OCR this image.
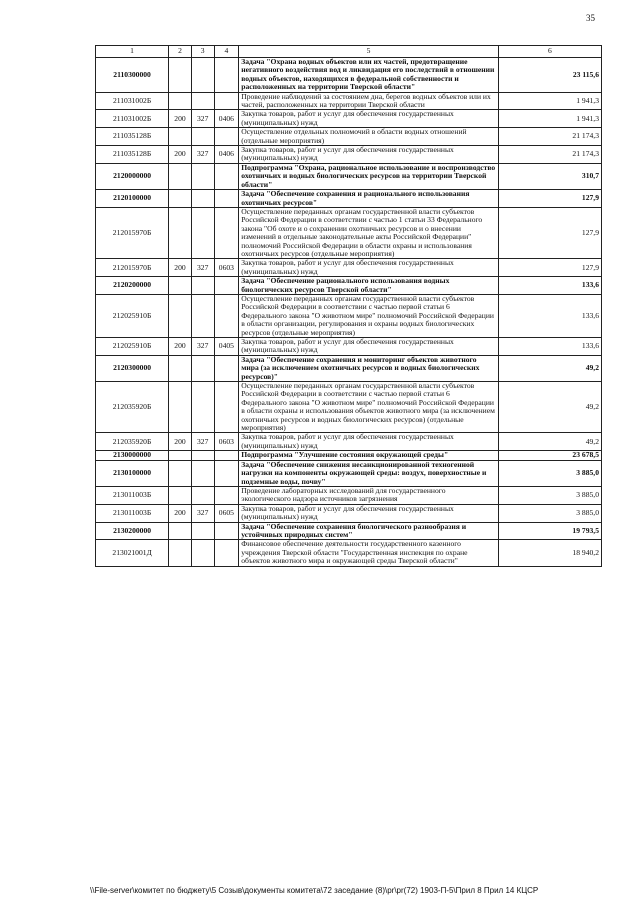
35
1	2	3	4	5	6
2110300000				Задача "Охрана водных объектов или их частей, предотвращение негативного воздействия вод и ликвидация его последствий в отношении водных объектов, находящихся в федеральной собственности и расположенных на территории Тверской области"	23 115,6
211031002Б				Проведение наблюдений за состоянием дна, берегов водных объектов или их частей, расположенных на территории Тверской области	1 941,3
211031002Б	200	327	0406	Закупка товаров, работ и услуг для обеспечения государственных (муниципальных) нужд	1 941,3
211035128Б				Осуществление отдельных полномочий в области водных отношений (отдельные мероприятия)	21 174,3
211035128Б	200	327	0406	Закупка товаров, работ и услуг для обеспечения государственных (муниципальных) нужд	21 174,3
2120000000				Подпрограмма "Охрана, рациональное использование и воспроизводство охотничьих и водных биологических ресурсов на территории Тверской области"	310,7
2120100000				Задача "Обеспечение сохранения и рационального использования охотничьих ресурсов"	127,9
212015970Б				Осуществление переданных органам государственной власти субъектов Российской Федерации в соответствии с частью 1 статьи 33 Федерального закона "Об охоте и о сохранении охотничьих ресурсов и о внесении изменений в отдельные законодательные акты Российской Федерации" полномочий Российской Федерации в области охраны и использования охотничьих ресурсов (отдельные мероприятия)	127,9
212015970Б	200	327	0603	Закупка товаров, работ и услуг для обеспечения государственных (муниципальных) нужд	127,9
2120200000				Задача "Обеспечение рационального использования водных биологических ресурсов Тверской области"	133,6
212025910Б				Осуществление переданных органам государственной власти субъектов Российской Федерации в соответствии с частью первой статьи 6 Федерального закона "О животном мире" полномочий Российской Федерации в области организации, регулирования и охраны водных биологических ресурсов (отдельные мероприятия)	133,6
212025910Б	200	327	0405	Закупка товаров, работ и услуг для обеспечения государственных (муниципальных) нужд	133,6
2120300000				Задача "Обеспечение сохранения и мониторинг объектов животного мира (за исключением охотничьих ресурсов и водных биологических ресурсов)"	49,2
212035920Б				Осуществление переданных органам государственной власти субъектов Российской Федерации в соответствии с частью первой статьи 6 Федерального закона "О животном мире" полномочий Российской Федерации в области охраны и использования объектов животного мира (за исключением охотничьих ресурсов и водных биологических ресурсов) (отдельные мероприятия)	49,2
212035920Б	200	327	0603	Закупка товаров, работ и услуг для обеспечения государственных (муниципальных) нужд	49,2
2130000000				Подпрограмма "Улучшение состояния окружающей среды"	23 678,5
2130100000				Задача "Обеспечение снижения несанкционированной техногенной нагрузки на компоненты окружающей среды: воздух, поверхностные и подземные воды, почву"	3 885,0
213011003Б				Проведение лабораторных исследований для государственного экологического надзора источников загрязнения	3 885,0
213011003Б	200	327	0605	Закупка товаров, работ и услуг для обеспечения государственных (муниципальных) нужд	3 885,0
2130200000				Задача "Обеспечение сохранения биологического разнообразия и устойчивых природных систем"	19 793,5
213021001Д				Финансовое обеспечение деятельности государственного казенного учреждения Тверской области "Государственная инспекция по охране объектов животного мира и окружающей среды Тверской области"	18 940,2
\\File-server\комитет по бюджету\5 Созыв\документы комитета\72 заседание (8)\pr\pr(72) 1903-П-5\Прил 8 Прил 14 КЦСР
